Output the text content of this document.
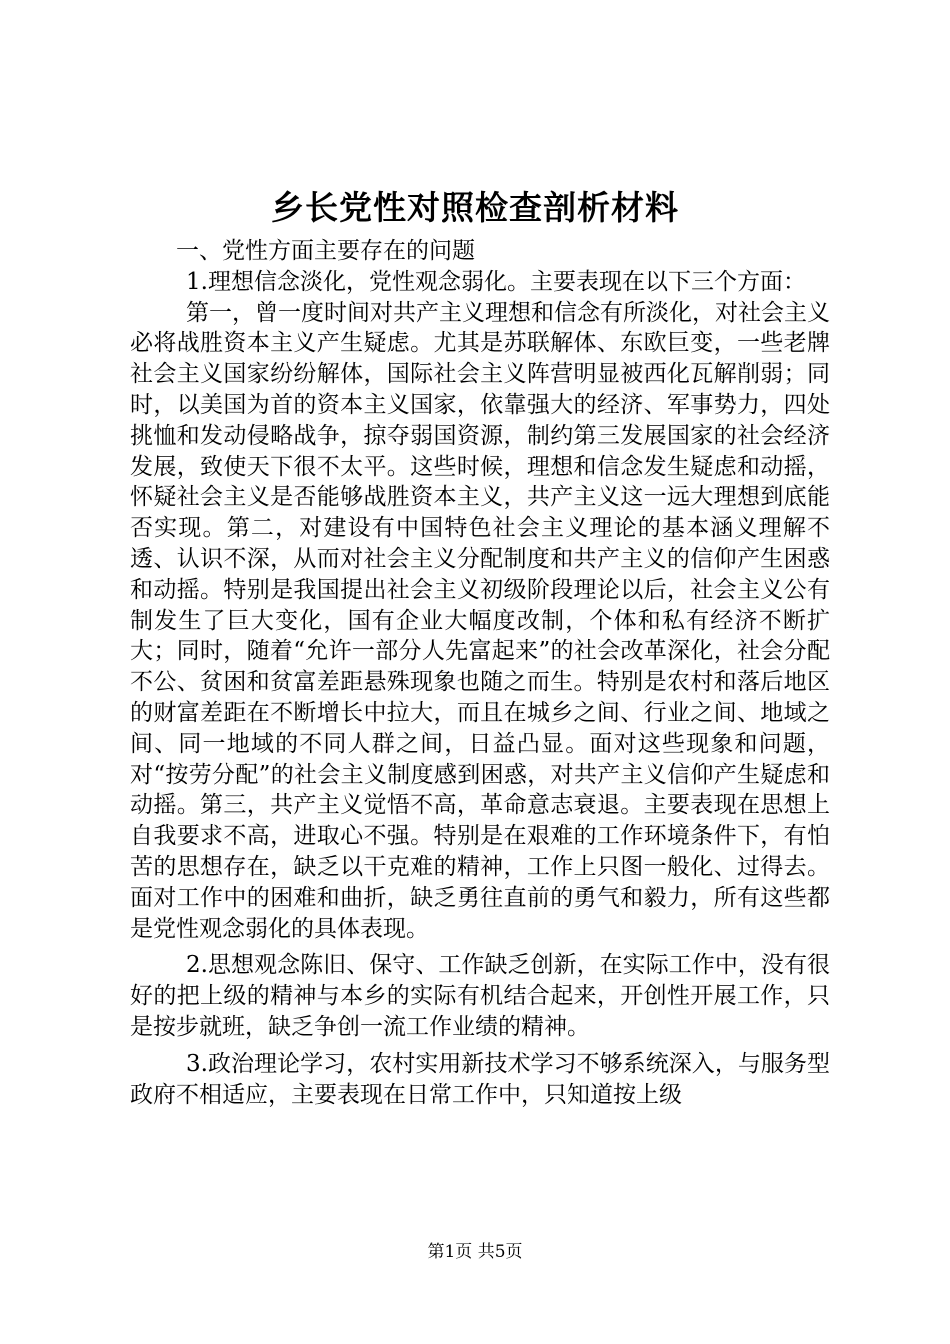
乡长党性对照检查剖析材料

一、党性方面主要存在的问题

1.理想信念淡化，党性观念弱化。主要表现在以下三个方面：

第一，曾一度时间对共产主义理想和信念有所淡化，对社会主义必将战胜资本主义产生疑虑。尤其是苏联解体、东欧巨变，一些老牌社会主义国家纷纷解体，国际社会主义阵营明显被西化瓦解削弱；同时，以美国为首的资本主义国家，依靠强大的经济、军事势力，四处挑恤和发动侵略战争，掠夺弱国资源，制约第三发展国家的社会经济发展，致使天下很不太平。这些时候，理想和信念发生疑虑和动摇，怀疑社会主义是否能够战胜资本主义，共产主义这一远大理想到底能否实现。第二，对建设有中国特色社会主义理论的基本涵义理解不透、认识不深，从而对社会主义分配制度和共产主义的信仰产生困惑和动摇。特别是我国提出社会主义初级阶段理论以后，社会主义公有制发生了巨大变化，国有企业大幅度改制，个体和私有经济不断扩大；同时，随着“允许一部分人先富起来”的社会改革深化，社会分配不公、贫困和贫富差距悬殊现象也随之而生。特别是农村和落后地区的财富差距在不断增长中拉大，而且在城乡之间、行业之间、地域之间、同一地域的不同人群之间，日益凸显。面对这些现象和问题，对“按劳分配”的社会主义制度感到困惑，对共产主义信仰产生疑虑和动摇。第三，共产主义觉悟不高，革命意志衰退。主要表现在思想上自我要求不高，进取心不强。特别是在艰难的工作环境条件下，有怕苦的思想存在，缺乏以干克难的精神，工作上只图一般化、过得去。面对工作中的困难和曲折，缺乏勇往直前的勇气和毅力，所有这些都是党性观念弱化的具体表现。

2.思想观念陈旧、保守、工作缺乏创新，在实际工作中，没有很好的把上级的精神与本乡的实际有机结合起来，开创性开展工作，只是按步就班，缺乏争创一流工作业绩的精神。

3.政治理论学习，农村实用新技术学习不够系统深入，与服务型政府不相适应，主要表现在日常工作中，只知道按上级

第1页 共5页
